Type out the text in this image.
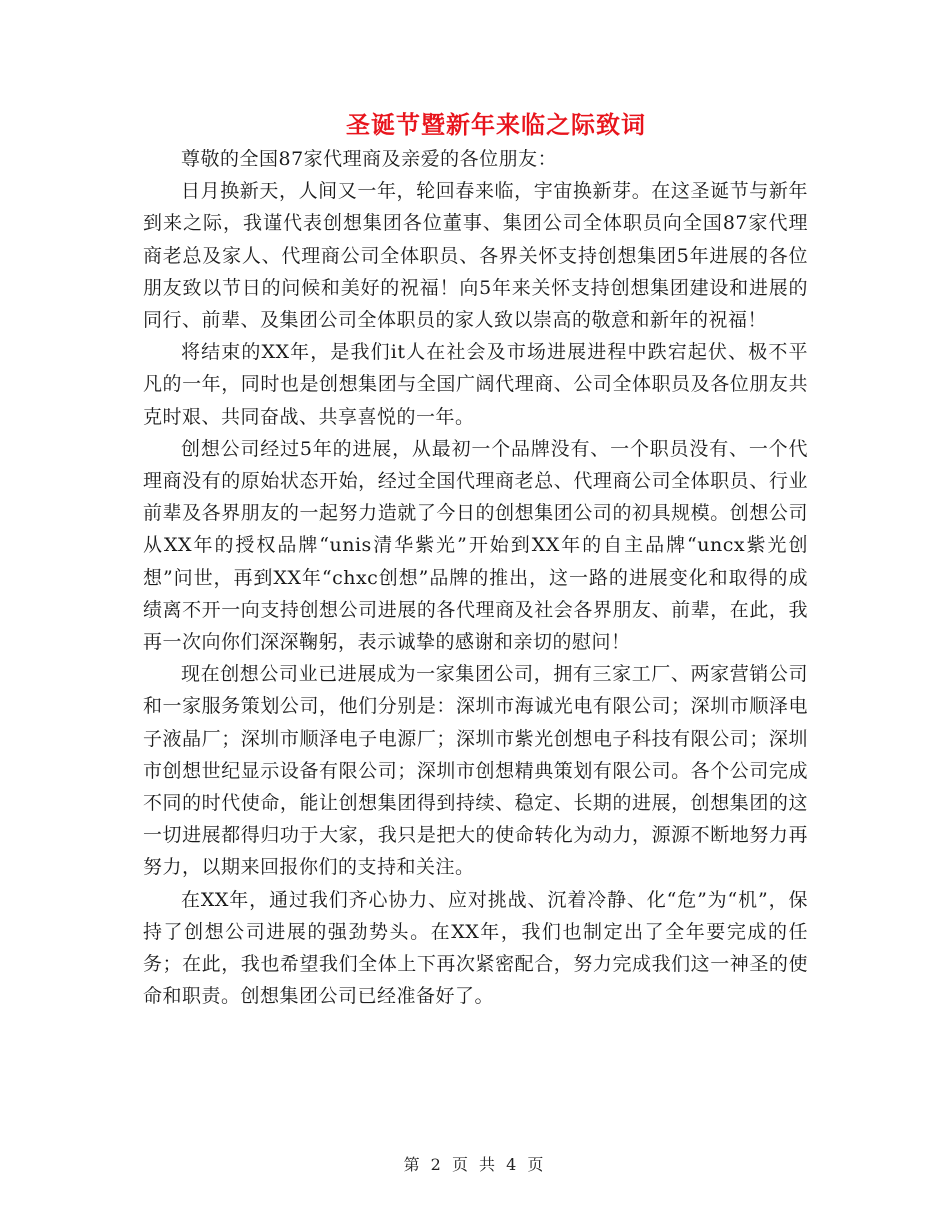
圣诞节暨新年来临之际致词

尊敬的全国87家代理商及亲爱的各位朋友：

日月换新天，人间又一年，轮回春来临，宇宙换新芽。在这圣诞节与新年到来之际，我谨代表创想集团各位董事、集团公司全体职员向全国87家代理商老总及家人、代理商公司全体职员、各界关怀支持创想集团5年进展的各位朋友致以节日的问候和美好的祝福！向5年来关怀支持创想集团建设和进展的同行、前辈、及集团公司全体职员的家人致以崇高的敬意和新年的祝福！

将结束的XX年，是我们it人在社会及市场进展进程中跌宕起伏、极不平凡的一年，同时也是创想集团与全国广阔代理商、公司全体职员及各位朋友共克时艰、共同奋战、共享喜悦的一年。

创想公司经过5年的进展，从最初一个品牌没有、一个职员没有、一个代理商没有的原始状态开始，经过全国代理商老总、代理商公司全体职员、行业前辈及各界朋友的一起努力造就了今日的创想集团公司的初具规模。创想公司从XX年的授权品牌“unis清华紫光”开始到XX年的自主品牌“uncx紫光创想”问世，再到XX年“chxc创想”品牌的推出，这一路的进展变化和取得的成绩离不开一向支持创想公司进展的各代理商及社会各界朋友、前辈，在此，我再一次向你们深深鞠躬，表示诚挚的感谢和亲切的慰问！

现在创想公司业已进展成为一家集团公司，拥有三家工厂、两家营销公司和一家服务策划公司，他们分别是：深圳市海诚光电有限公司；深圳市顺泽电子液晶厂；深圳市顺泽电子电源厂；深圳市紫光创想电子科技有限公司；深圳市创想世纪显示设备有限公司；深圳市创想精典策划有限公司。各个公司完成不同的时代使命，能让创想集团得到持续、稳定、长期的进展，创想集团的这一切进展都得归功于大家，我只是把大的使命转化为动力，源源不断地努力再努力，以期来回报你们的支持和关注。

在XX年，通过我们齐心协力、应对挑战、沉着冷静、化“危”为“机”，保持了创想公司进展的强劲势头。在XX年，我们也制定出了全年要完成的任务；在此，我也希望我们全体上下再次紧密配合，努力完成我们这一神圣的使命和职责。创想集团公司已经准备好了。

第 2 页 共 4 页
